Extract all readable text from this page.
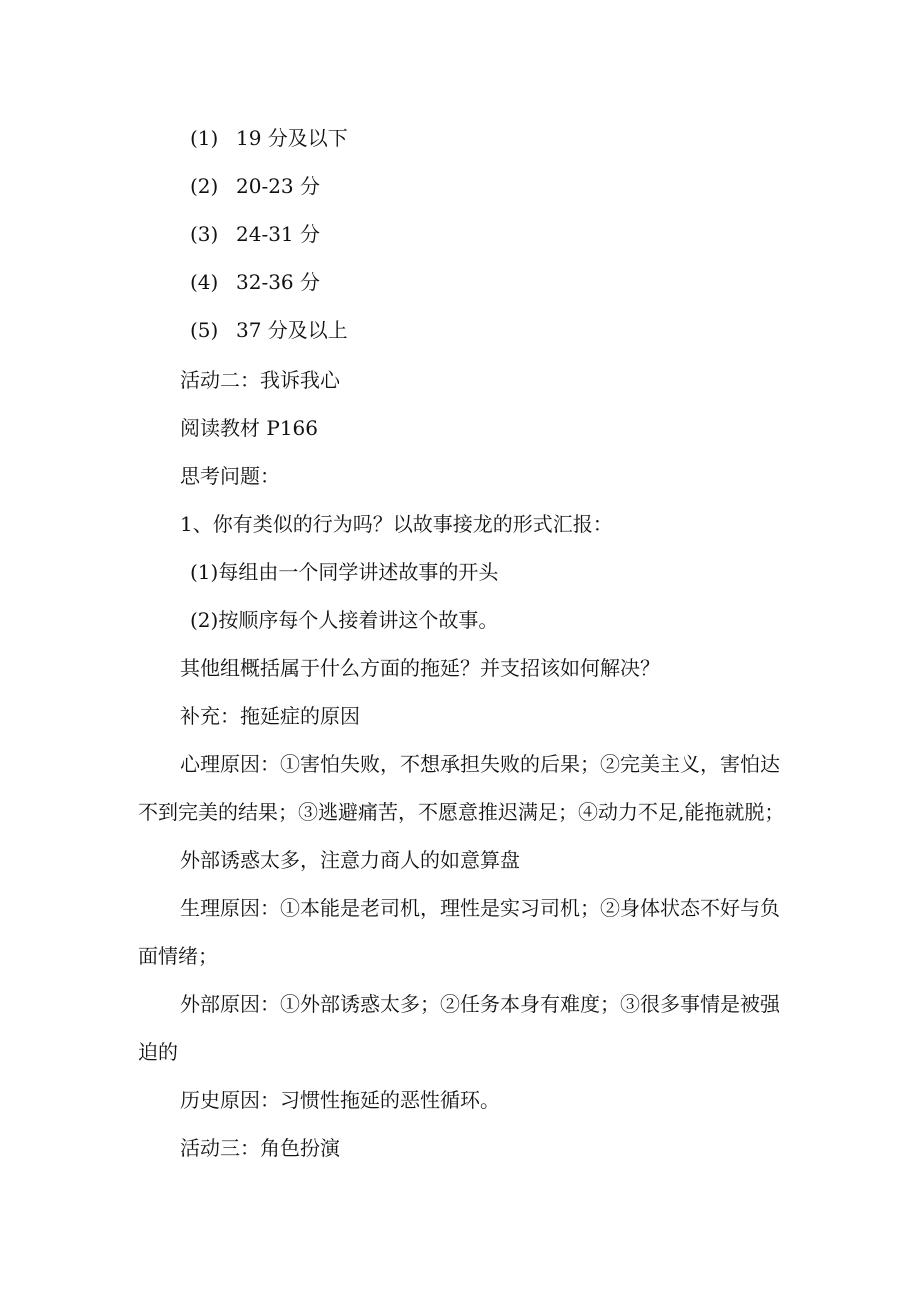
(1) 19 分及以下
(2) 20-23 分
(3) 24-31 分
(4) 32-36 分
(5) 37 分及以上
活动二：我诉我心
阅读教材 P166
思考问题：
1、你有类似的行为吗？以故事接龙的形式汇报：
(1)每组由一个同学讲述故事的开头
(2)按顺序每个人接着讲这个故事。
其他组概括属于什么方面的拖延？并支招该如何解决？
补充：拖延症的原因
心理原因：①害怕失败，不想承担失败的后果；②完美主义，害怕达
不到完美的结果；③逃避痛苦，不愿意推迟满足；④动力不足,能拖就脱；
外部诱惑太多，注意力商人的如意算盘
生理原因：①本能是老司机，理性是实习司机；②身体状态不好与负
面情绪；
外部原因：①外部诱惑太多；②任务本身有难度；③很多事情是被强
迫的
历史原因：习惯性拖延的恶性循环。
活动三：角色扮演
